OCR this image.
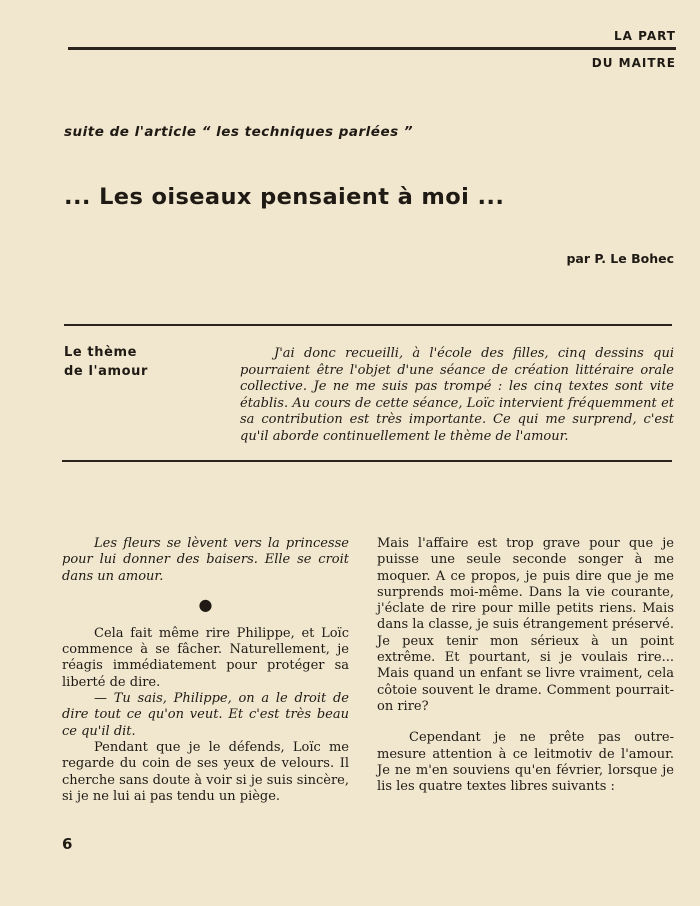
LA PART
DU MAITRE
suite de l'article “ les techniques parlées ”
... Les oiseaux pensaient à moi ...
par P. Le Bohec
Le thème
de l'amour
J'ai donc recueilli, à l'école des filles, cinq dessins qui pourraient être l'objet d'une séance de création littéraire orale collective. Je ne me suis pas trompé : les cinq textes sont vite établis. Au cours de cette séance, Loïc intervient fréquemment et sa contribution est très importante. Ce qui me surprend, c'est qu'il aborde continuellement le thème de l'amour.

Les fleurs se lèvent vers la princesse pour lui donner des baisers. Elle se croit dans un amour.

●

Cela fait même rire Philippe, et Loïc commence à se fâcher. Naturellement, je réagis immédiatement pour protéger sa liberté de dire.

— Tu sais, Philippe, on a le droit de dire tout ce qu'on veut. Et c'est très beau ce qu'il dit.

Pendant que je le défends, Loïc me regarde du coin de ses yeux de velours. Il cherche sans doute à voir si je suis sincère, si je ne lui ai pas tendu un piège.

Mais l'affaire est trop grave pour que je puisse une seule seconde songer à me moquer. A ce propos, je puis dire que je me surprends moi-même. Dans la vie courante, j'éclate de rire pour mille petits riens. Mais dans la classe, je suis étrangement préservé. Je peux tenir mon sérieux à un point extrême. Et pourtant, si je voulais rire... Mais quand un enfant se livre vraiment, cela côtoie souvent le drame. Comment pourrait-on rire?

Cependant je ne prête pas outre-mesure attention à ce leitmotiv de l'amour. Je ne m'en souviens qu'en février, lorsque je lis les quatre textes libres suivants :

6
